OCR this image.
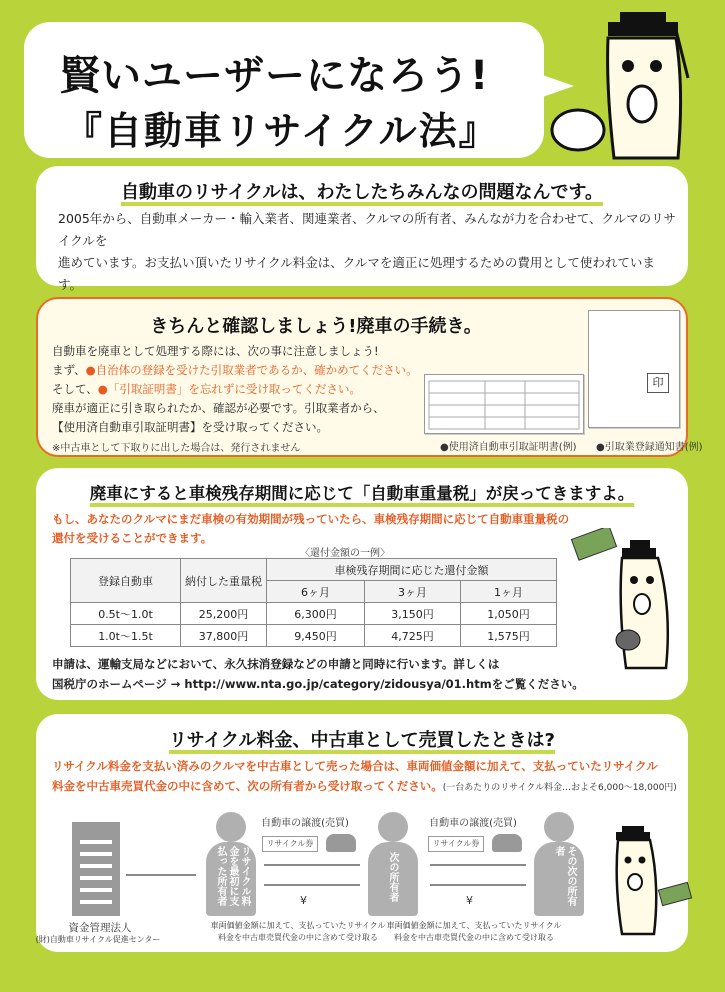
賢いユーザーになろう!
『自動車リサイクル法』
自動車のリサイクルは、わたしたちみんなの問題なんです。
2005年から、自動車メーカー・輸入業者、関連業者、クルマの所有者、みんなが力を合わせて、クルマのリサイクルを
進めています。お支払い頂いたリサイクル料金は、クルマを適正に処理するための費用として使われています。
きちんと確認しましょう!廃車の手続き。
自動車を廃車として処理する際には、次の事に注意しましょう!
まず、●自治体の登録を受けた引取業者であるか、確かめてください。
そして、●「引取証明書」を忘れずに受け取ってください。
廃車が適正に引き取られたか、確認が必要です。引取業者から、
【使用済自動車引取証明書】を受け取ってください。
※中古車として下取りに出した場合は、発行されません
印
●使用済自動車引取証明書(例) ●引取業登録通知書(例)
廃車にすると車検残存期間に応じて「自動車重量税」が戻ってきますよ。
もし、あなたのクルマにまだ車検の有効期間が残っていたら、車検残存期間に応じて自動車重量税の
還付を受けることができます。
〈還付金額の一例〉
登録自動車	納付した重量税	車検残存期間に応じた還付金額		
		6ヶ月	3ヶ月	1ヶ月
0.5t〜1.0t	25,200円	6,300円	3,150円	1,050円
1.0t〜1.5t	37,800円	9,450円	4,725円	1,575円
申請は、運輸支局などにおいて、永久抹消登録などの申請と同時に行います。詳しくは
国税庁のホームページ → http://www.nta.go.jp/category/zidousya/01.htmをご覧ください。
リサイクル料金、中古車として売買したときは?
リサイクル料金を支払い済みのクルマを中古車として売った場合は、車両価値金額に加えて、支払っていたリサイクル
料金を中古車売買代金の中に含めて、次の所有者から受け取ってください。(一台あたりのリサイクル料金…およそ6,000〜18,000円)
資金管理法人
(財)自動車リサイクル促進センター
リサイクル料金を最初に支払った所有者
自動車の譲渡(売買)
リサイクル券
¥	次の所有者
自動車の譲渡(売買)
リサイクル券
¥	その次の所有者
車両価値金額に加えて、支払っていたリサイクル
料金を中古車売買代金の中に含めて受け取る
車両価値金額に加えて、支払っていたリサイクル
料金を中古車売買代金の中に含めて受け取る
